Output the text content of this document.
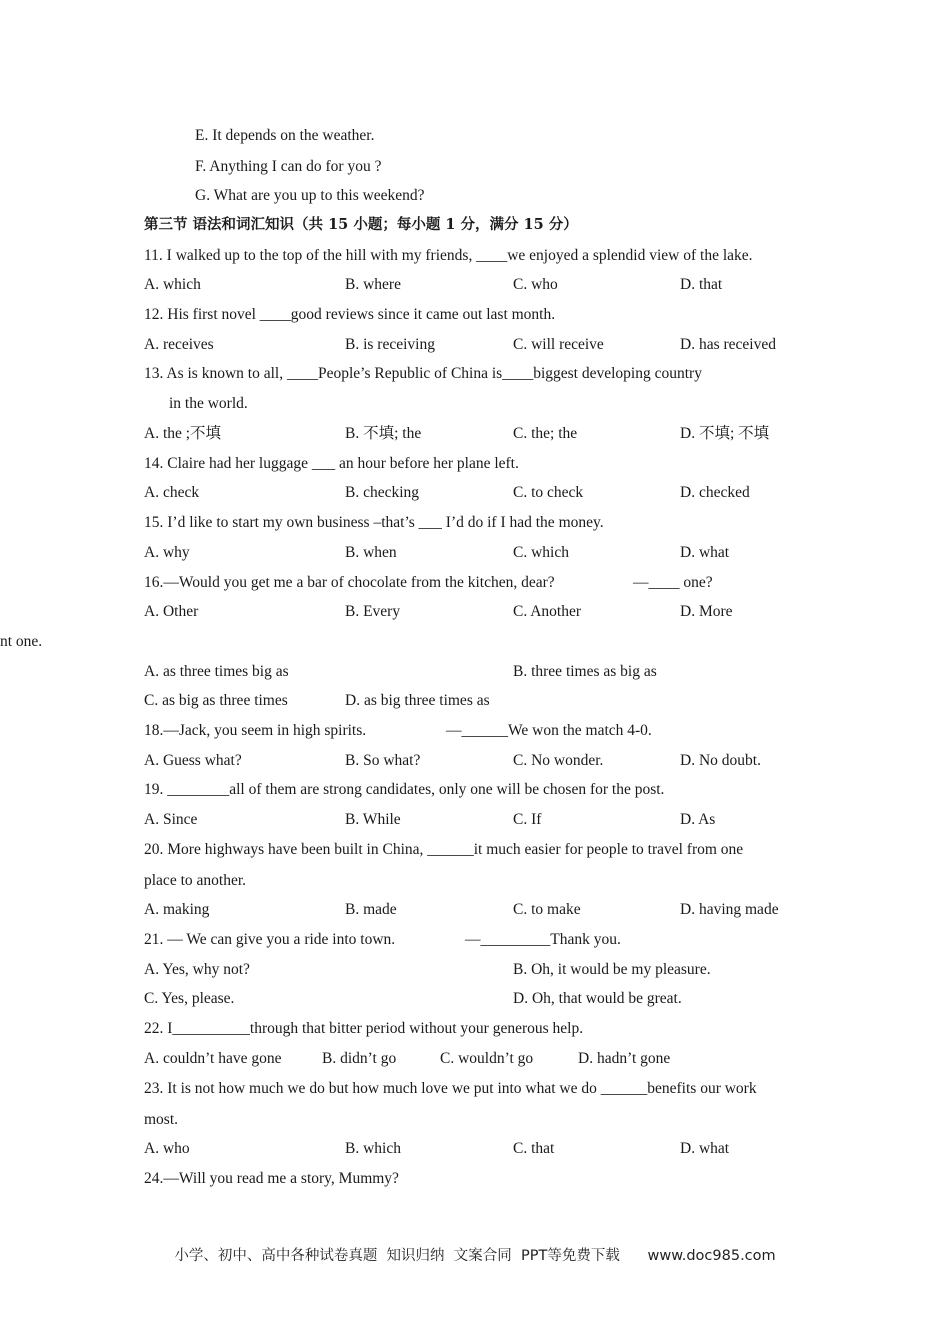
E. It depends on the weather.
F. Anything I can do for you ?
G. What are you up to this weekend?
第三节 语法和词汇知识（共 15 小题；每小题 1 分，满分 15 分）
11. I walked up to the top of the hill with my friends, ____we enjoyed a splendid view of the lake.
A. which	B. where	C. who	D. that
12. His first novel ____good reviews since it came out last month.
A. receives	B. is receiving	C. will receive	D. has received
13. As is known to all, ____People’s Republic of China is____biggest developing country
in the world.
A. the ;不填	B. 不填; the	C. the; the	D. 不填; 不填
14. Claire had her luggage ___ an hour before her plane left.
A. check	B. checking	C. to check	D. checked
15. I’d like to start my own business –that’s ___ I’d do if I had the money.
A. why	B. when	C. which	D. what
16.—Would you get me a bar of chocolate from the kitchen, dear?	—____ one?
A. Other	B. Every	C. Another	D. More
nt one.
A. as three times big as	B. three times as big as
C. as big as three times	D. as big three times as
18.—Jack, you seem in high spirits.	—______We won the match 4-0.
A. Guess what?	B. So what?	C. No wonder.	D. No doubt.
19. ________all of them are strong candidates, only one will be chosen for the post.
A. Since	B. While	C. If	D. As
20. More highways have been built in China, ______it much easier for people to travel from one
place to another.
A. making	B. made	C. to make	D. having made
21. — We can give you a ride into town.	—_________Thank you.
A. Yes, why not?	B. Oh, it would be my pleasure.
C. Yes, please.	D. Oh, that would be great.
22. I__________through that bitter period without your generous help.
A. couldn’t have gone	B. didn’t go	C. wouldn’t go	D. hadn’t gone
23. It is not how much we do but how much love we put into what we do ______benefits our work
most.
A. who	B. which	C. that	D. what
24.—Will you read me a story, Mummy?
小学、初中、高中各种试卷真题  知识归纳  文案合同  PPT等免费下载 www.doc985.com
